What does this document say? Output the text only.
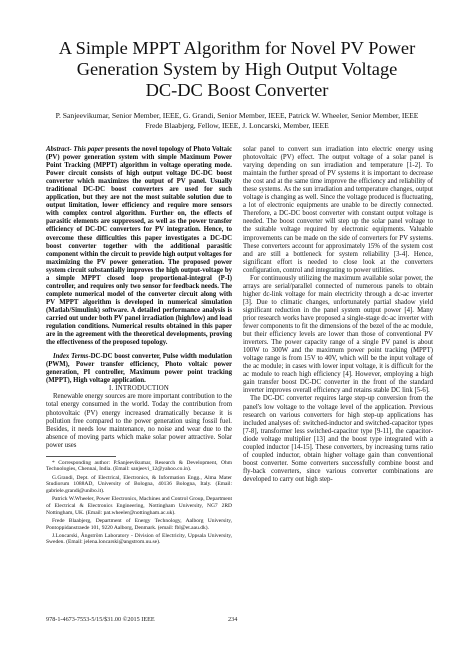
A Simple MPPT Algorithm for Novel PV Power
Generation System by High Output Voltage
DC-DC Boost Converter
P. Sanjeevikumar, Senior Member, IEEE, G. Grandi, Senior Member, IEEE, Patrick W. Wheeler, Senior Member, IEEE
Frede Blaabjerg, Fellow, IEEE, J. Loncarski, Member, IEEE

Abstract- This paper presents the novel topology of Photo Voltaic (PV) power generation system with simple Maximum Power Point Tracking (MPPT) algorithm in voltage operating mode. Power circuit consists of high output voltage DC-DC boost converter which maximizes the output of PV panel. Usually traditional DC-DC boost converters are used for such application, but they are not the most suitable solution due to output limitation, lower efficiency and require more sensors with complex control algorithm. Further on, the effects of parasitic elements are suppressed, as well as the power transfer efficiency of DC-DC converters for PV integration. Hence, to overcome these difficulties this paper investigates a DC-DC boost converter together with the additional parasitic component within the circuit to provide high output voltages for maximizing the PV power generation. The proposed power system circuit substantially improves the high output-voltage by a simple MPPT closed loop proportional-integral (P-I) controller, and requires only two sensor for feedback needs. The complete numerical model of the converter circuit along with PV MPPT algorithm is developed in numerical simulation (Matlab/Simulink) software. A detailed performance analysis is carried out under both PV panel irradiation (high/low) and load regulation conditions. Numerical results obtained in this paper are in the agreement with the theoretical developments, proving the effectiveness of the proposed topology.

Index Terms-DC-DC boost converter, Pulse width modulation (PWM), Power transfer efficiency, Photo voltaic power generation, PI controller, Maximum power point tracking (MPPT), High voltage application.

I. INTRODUCTION

Renewable energy sources are more important contribution to the total energy consumed in the world. Today the contribution from photovoltaic (PV) energy increased dramatically because it is pollution free compared to the power generation using fossil fuel. Besides, it needs low maintenance, no noise and wear due to the absence of moving parts which make solar power attractive. Solar power uses

* Corresponding author: P.Sanjeevikumar, Research & Development, Ohm Technologies, Chennai, India. (Email: sanjeevi_12@yahoo.co.in).

G.Grandi, Dept. of Electrical, Electronics, & Information Engg., Alma Mater Studiorum 1088AD, University of Bologna, 40136 Bologna, Italy. (Email: gabriele.grandi@unibo.it).

Patrick W.Wheeler, Power Electronics, Machines and Control Group, Department of Electrical & Electronics Engineering, Nottingham University, NG7 2RD Nottingham, UK. (Email: pat.wheeler@nottingham.ac.uk).

Frede Blaabjerg, Department of Energy Technology, Aalborg University, Pontoppidanstraede 101, 9220 Aalborg, Denmark. (email: fbl@et.aau.dk).

J.Loncarski, Ångström Laboratory - Division of Electricity, Uppsala University, Sweden. (Email: jelena.loncarski@angstrom.uu.se).

solar panel to convert sun irradiation into electric energy using photovoltaic (PV) effect. The output voltage of a solar panel is varying depending on sun irradiation and temperature [1-2]. To maintain the further spread of PV systems it is important to decrease the cost and at the same time improve the efficiency and reliability of these systems. As the sun irradiation and temperature changes, output voltage is changing as well. Since the voltage produced is fluctuating, a lot of electronic equipments are unable to be directly connected. Therefore, a DC-DC boost converter with constant output voltage is needed. The boost converter will step up the solar panel voltage to the suitable voltage required by electronic equipments. Valuable improvements can be made on the side of converters for PV systems. These converters account for approximately 15% of the system cost and are still a bottleneck for system reliability [3-4]. Hence, significant effort is needed to close look at the converters configuration, control and integrating to power utilities.

For continuously utilizing the maximum available solar power, the arrays are serial/parallel connected of numerous panels to obtain higher dc-link voltage for main electricity through a dc-ac inverter [3]. Due to climatic changes, unfortunately partial shadow yield significant reduction in the panel system output power [4]. Many prior research works have proposed a single-stage dc-ac inverter with fewer components to fit the dimensions of the bezel of the ac module, but their efficiency levels are lower than those of conventional PV inverters. The power capacity range of a single PV panel is about 100W to 300W and the maximum power point tracking (MPPT) voltage range is from 15V to 40V, which will be the input voltage of the ac module; in cases with lower input voltage, it is difficult for the ac module to reach high efficiency [4]. However, employing a high gain transfer boost DC-DC converter in the front of the standard inverter improves overall efficiency and retains stable DC link [5-6].

The DC-DC converter requires large step-up conversion from the panel's low voltage to the voltage level of the application. Previous research on various converters for high step-up applications has included analyses of: switched-inductor and switched-capacitor types [7-8], transformer less switched-capacitor type [9-11], the capacitor-diode voltage multiplier [13] and the boost type integrated with a coupled inductor [14-15]. These converters, by increasing turns ratio of coupled inductor, obtain higher voltage gain than conventional boost converter. Some converters successfully combine boost and fly-back converters, since various converter combinations are developed to carry out high step-

978-1-4673-7553-5/15/$31.00 ©2015 IEEE	234
